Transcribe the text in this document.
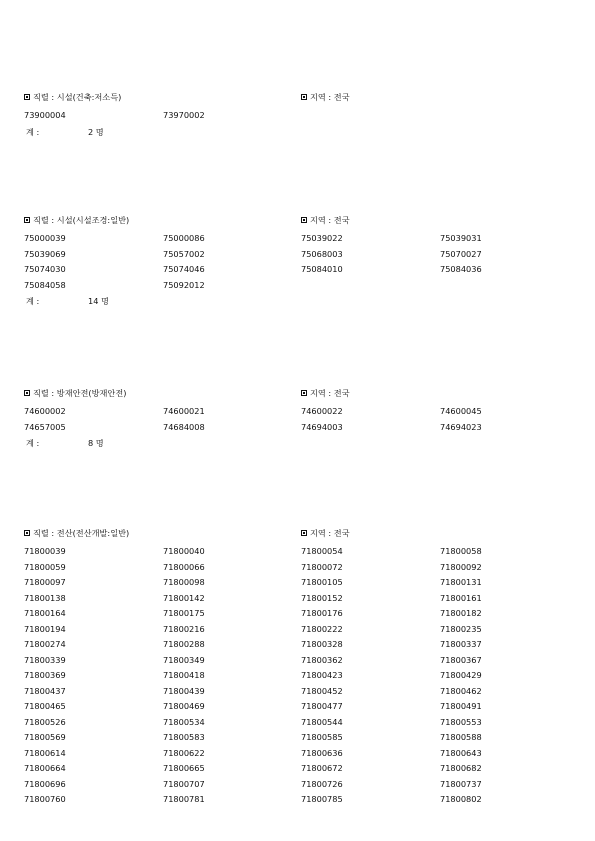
직렬 : 시설(건축:저소득)	지역 : 전국
73900004	73970002
계 :	2 명
직렬 : 시설(시설조경:일반)	지역 : 전국
75000039	75000086	75039022	75039031
75039069	75057002	75068003	75070027
75074030	75074046	75084010	75084036
75084058	75092012
계 :	14 명
직렬 : 방재안전(방재안전)	지역 : 전국
74600002	74600021	74600022	74600045
74657005	74684008	74694003	74694023
계 :	8 명
직렬 : 전산(전산개발:일반)	지역 : 전국
71800039	71800040	71800054	71800058
71800059	71800066	71800072	71800092
71800097	71800098	71800105	71800131
71800138	71800142	71800152	71800161
71800164	71800175	71800176	71800182
71800194	71800216	71800222	71800235
71800274	71800288	71800328	71800337
71800339	71800349	71800362	71800367
71800369	71800418	71800423	71800429
71800437	71800439	71800452	71800462
71800465	71800469	71800477	71800491
71800526	71800534	71800544	71800553
71800569	71800583	71800585	71800588
71800614	71800622	71800636	71800643
71800664	71800665	71800672	71800682
71800696	71800707	71800726	71800737
71800760	71800781	71800785	71800802
